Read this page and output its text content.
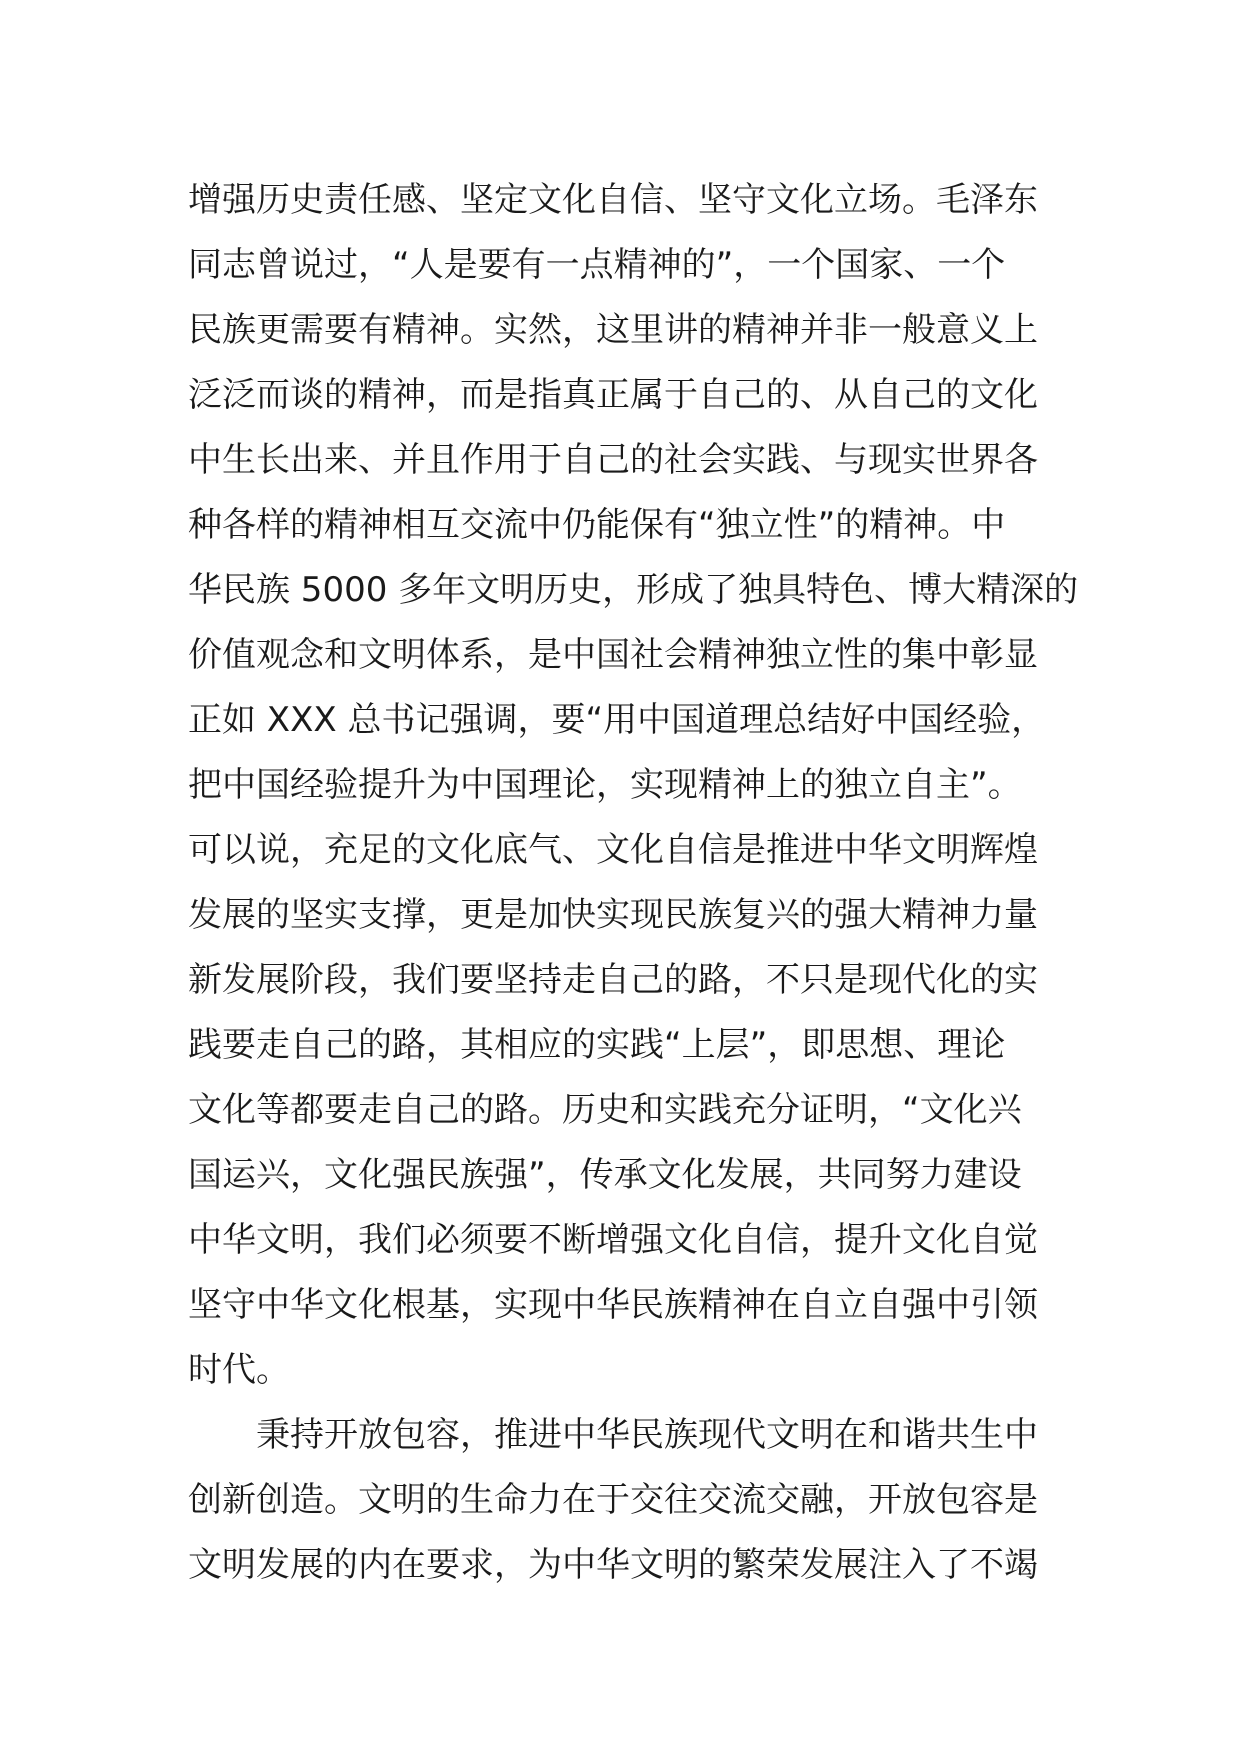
增强历史责任感、坚定文化自信、坚守文化立场。毛泽东
同志曾说过，“人是要有一点精神的”，一个国家、一个
民族更需要有精神。实然，这里讲的精神并非一般意义上
泛泛而谈的精神，而是指真正属于自己的、从自己的文化
中生长出来、并且作用于自己的社会实践、与现实世界各
种各样的精神相互交流中仍能保有“独立性”的精神。中
华民族 5000 多年文明历史，形成了独具特色、博大精深的
价值观念和文明体系，是中国社会精神独立性的集中彰显
正如 XXX 总书记强调，要“用中国道理总结好中国经验，
把中国经验提升为中国理论，实现精神上的独立自主”。
可以说，充足的文化底气、文化自信是推进中华文明辉煌
发展的坚实支撑，更是加快实现民族复兴的强大精神力量
新发展阶段，我们要坚持走自己的路，不只是现代化的实
践要走自己的路，其相应的实践“上层”，即思想、理论
文化等都要走自己的路。历史和实践充分证明，“文化兴
国运兴，文化强民族强”，传承文化发展，共同努力建设
中华文明，我们必须要不断增强文化自信，提升文化自觉
坚守中华文化根基，实现中华民族精神在自立自强中引领
时代。
　　秉持开放包容，推进中华民族现代文明在和谐共生中
创新创造。文明的生命力在于交往交流交融，开放包容是
文明发展的内在要求，为中华文明的繁荣发展注入了不竭
